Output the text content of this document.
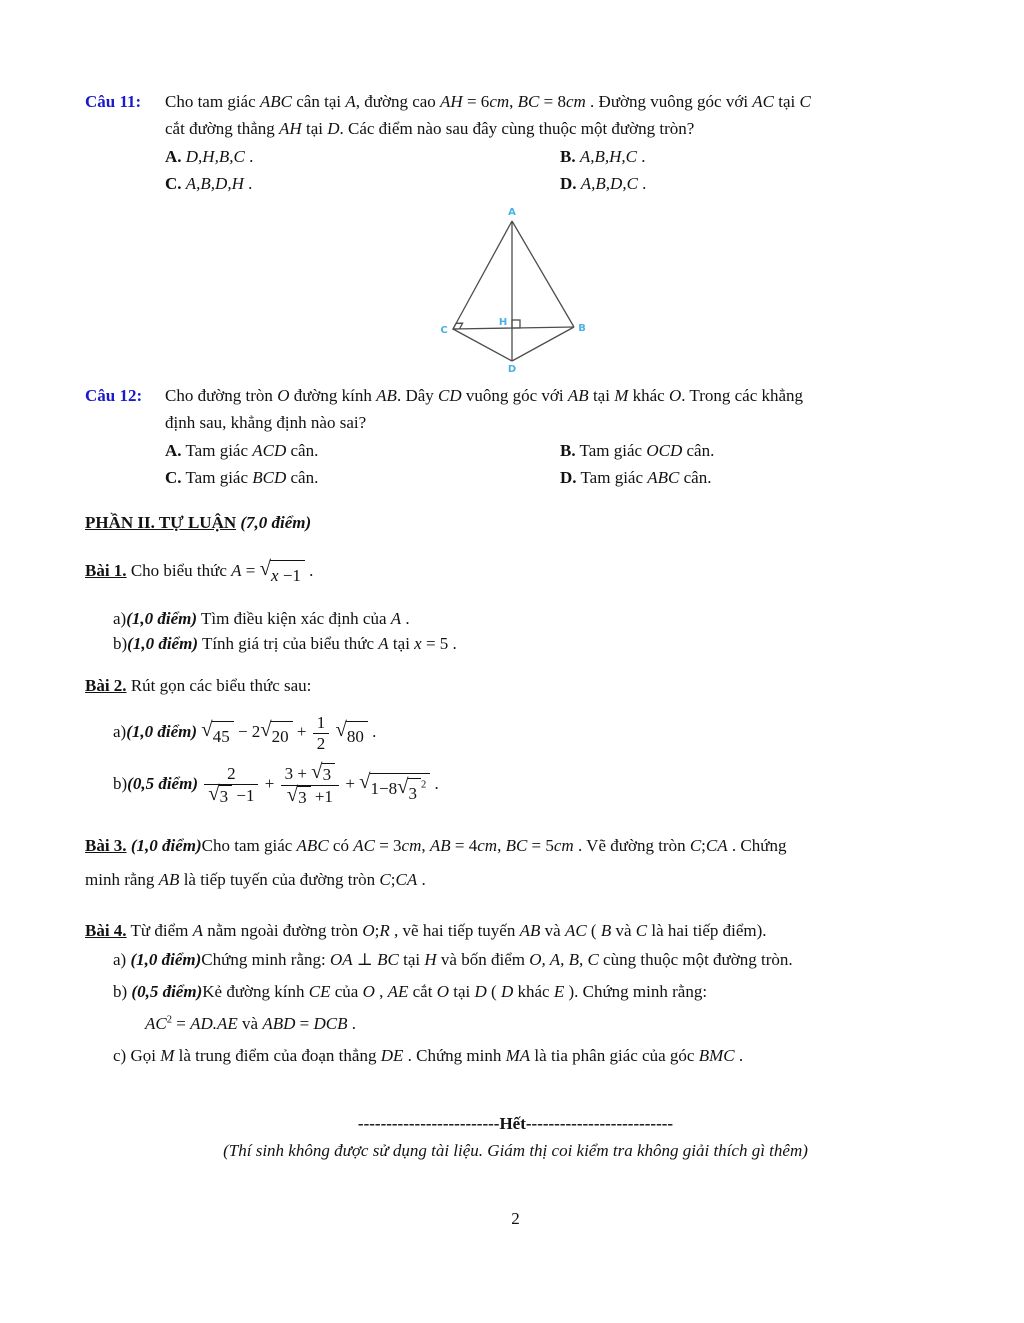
Câu 11:	Cho tam giác ABC cân tại A, đường cao AH = 6cm, BC = 8cm . Đường vuông góc với AC tại C

cắt đường thẳng AH tại D. Các điểm nào sau đây cùng thuộc một đường tròn?

A. D,H,B,C .	B. A,B,H,C .

C. A,B,D,H .	D. A,B,D,C .

A
B
C
H
D
Câu 12:	Cho đường tròn O đường kính AB. Dây CD vuông góc với AB tại M khác O. Trong các khẳng

định sau, khẳng định nào sai?

A. Tam giác ACD cân.	B. Tam giác OCD cân.

C. Tam giác BCD cân.	D. Tam giác ABC cân.

PHẦN II. TỰ LUẬN (7,0 điểm)

Bài 1. Cho biểu thức A = √ x −1 .

a)(1,0 điểm) Tìm điều kiện xác định của A .

b)(1,0 điểm) Tính giá trị của biểu thức A tại x = 5 .

Bài 2. Rút gọn các biểu thức sau:

a)(1,0 điểm) √ 45 − 2 √ $20 + \frac{1}{2}$
√ 80 .

b)(0,5 điểm) $\frac{2}{√ 3 -1} + \frac{3 + √ 3}{√ 3 +1}$ + √ 1−8 √ 3 $^2$ .

Bài 3. (1,0 điểm)Cho tam giác ABC có AC = 3cm, AB = 4cm, BC = 5cm . Vẽ đường tròn C;CA . Chứng

minh rằng AB là tiếp tuyến của đường tròn C;CA .

Bài 4. Từ điểm A nằm ngoài đường tròn O;R , vẽ hai tiếp tuyến AB và AC ( B và C là hai tiếp điểm).

a) (1,0 điểm)Chứng minh rằng: OA ⊥ BC tại H và bốn điểm O, A, B, C cùng thuộc một đường tròn.

b) (0,5 điểm)Kẻ đường kính CE của O , AE cắt O tại D ( D khác E ). Chứng minh rằng:

$AC^2 = AD.AE$ và ABD = DCB .

c) Gọi M là trung điểm của đoạn thẳng DE . Chứng minh MA là tia phân giác của góc BMC .

-------------------------Hết--------------------------

(Thí sinh không được sử dụng tài liệu. Giám thị coi kiểm tra không giải thích gì thêm)

2
